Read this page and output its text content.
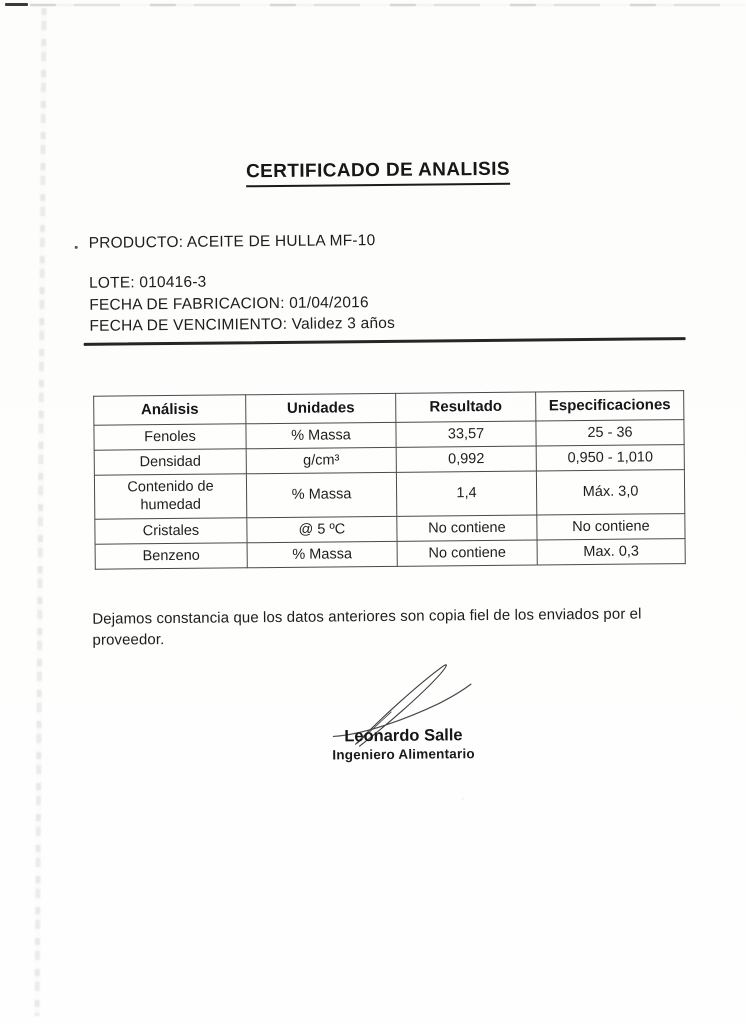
CERTIFICADO DE ANALISIS
PRODUCTO: ACEITE DE HULLA MF-10
LOTE: 010416-3
FECHA DE FABRICACION: 01/04/2016
FECHA DE VENCIMIENTO: Validez 3 años
Análisis	Unidades	Resultado	Especificaciones
Fenoles	% Massa	33,57	25 - 36
Densidad	g/cm³	0,992	0,950 - 1,010
Contenido de humedad	% Massa	1,4	Máx. 3,0
Cristales	@ 5 ºC	No contiene	No contiene
Benzeno	% Massa	No contiene	Max. 0,3
Dejamos constancia que los datos anteriores son copia fiel de los enviados por el proveedor.
Leonardo Salle
Ingeniero Alimentario
